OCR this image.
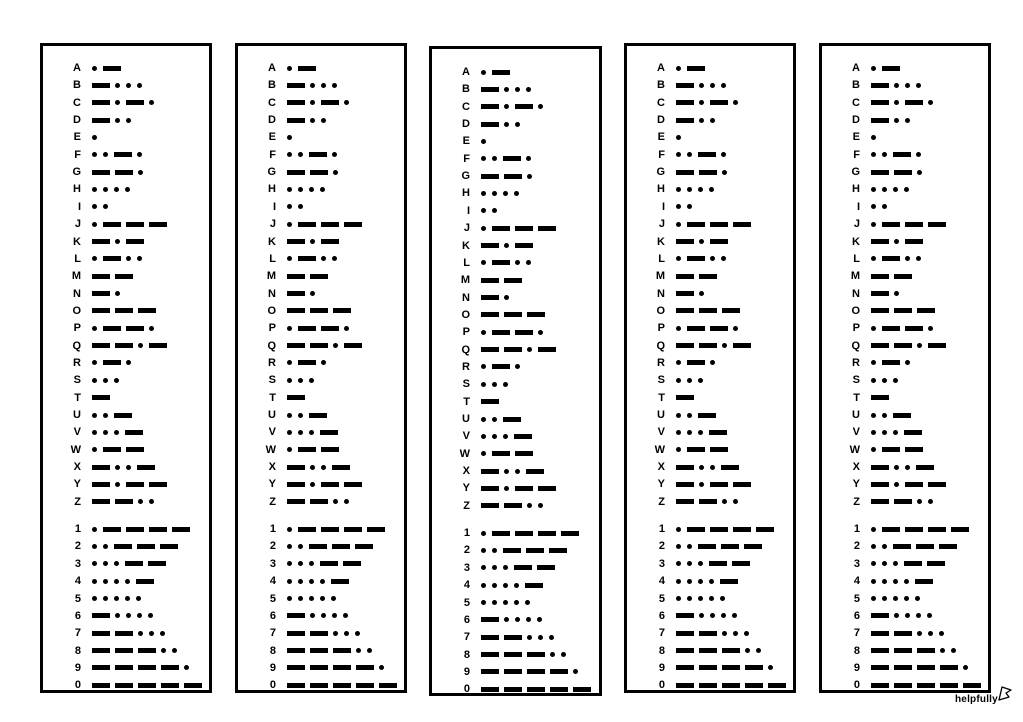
A
B
C
D
E
F
G
H
I
J
K
L
M
N
O
P
Q
R
S
T
U
V
W
X
Y
Z
1
2
3
4
5
6
7
8
9
0
A
B
C
D
E
F
G
H
I
J
K
L
M
N
O
P
Q
R
S
T
U
V
W
X
Y
Z
1
2
3
4
5
6
7
8
9
0
A
B
C
D
E
F
G
H
I
J
K
L
M
N
O
P
Q
R
S
T
U
V
W
X
Y
Z
1
2
3
4
5
6
7
8
9
0
A
B
C
D
E
F
G
H
I
J
K
L
M
N
O
P
Q
R
S
T
U
V
W
X
Y
Z
1
2
3
4
5
6
7
8
9
0
A
B
C
D
E
F
G
H
I
J
K
L
M
N
O
P
Q
R
S
T
U
V
W
X
Y
Z
1
2
3
4
5
6
7
8
9
0
helpfully
